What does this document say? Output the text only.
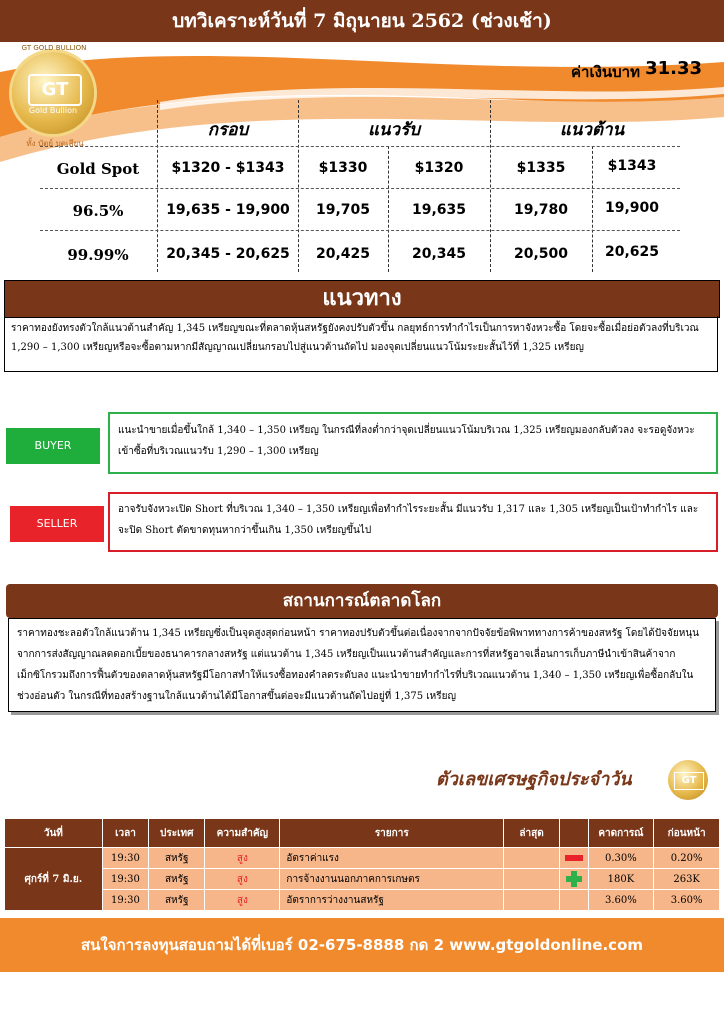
บทวิเคราะห์วันที่ 7 มิถุนายน 2562 (ช่วงเช้า)
GT GOLD BULLION
GT
Gold Bullion
ทั้ง บัตย์ บุตเสียน
ค่าเงินบาท 31.33
กรอบ	แนวรับ	แนวต้าน
Gold Spot	$1320 - $1343	$1330	$1320	$1335	$1343
96.5%	19,635 - 19,900	19,705	19,635	19,780	19,900
99.99%	20,345 - 20,625	20,425	20,345	20,500	20,625
แนวทาง
ราคาทองยังทรงตัวใกล้แนวต้านสำคัญ 1,345 เหรียญขณะที่ตลาดหุ้นสหรัฐยังคงปรับตัวขึ้น กลยุทธ์การทำกำไรเป็นการหาจังหวะซื้อ โดยจะซื้อเมื่อย่อตัวลงที่บริเวณ 1,290 – 1,300 เหรียญหรือจะซื้อตามหากมีสัญญาณเปลี่ยนกรอบไปสู่แนวต้านถัดไป มองจุดเปลี่ยนแนวโน้มระยะสั้นไว้ที่ 1,325 เหรียญ
BUYER
แนะนำขายเมื่อขึ้นใกล้ 1,340 – 1,350 เหรียญ ในกรณีที่ลงต่ำกว่าจุดเปลี่ยนแนวโน้มบริเวณ 1,325 เหรียญมองกลับตัวลง จะรอดูจังหวะเข้าซื้อที่บริเวณแนวรับ 1,290 – 1,300 เหรียญ
SELLER
อาจรับจังหวะเปิด Short ที่บริเวณ 1,340 – 1,350 เหรียญเพื่อทำกำไรระยะสั้น มีแนวรับ 1,317 และ 1,305 เหรียญเป็นเป้าทำกำไร และจะปิด Short ตัดขาดทุนหากว่าขึ้นเกิน 1,350 เหรียญขึ้นไป
สถานการณ์ตลาดโลก
ราคาทองชะลอตัวใกล้แนวต้าน 1,345 เหรียญซึ่งเป็นจุดสูงสุดก่อนหน้า ราคาทองปรับตัวขึ้นต่อเนื่องจากจากปัจจัยข้อพิพาททางการค้าของสหรัฐ โดยได้ปัจจัยหนุนจากการส่งสัญญาณลดดอกเบี้ยของธนาคารกลางสหรัฐ แต่แนวต้าน 1,345 เหรียญเป็นแนวต้านสำคัญและการที่สหรัฐอาจเลื่อนการเก็บภาษีนำเข้าสินค้าจากเม็กซิโกรวมถึงการฟื้นตัวของตลาดหุ้นสหรัฐมีโอกาสทำให้แรงซื้อทองคำลดระดับลง แนะนำขายทำกำไรที่บริเวณแนวต้าน 1,340 – 1,350 เหรียญเพื่อซื้อกลับในช่วงอ่อนตัว ในกรณีที่ทองสร้างฐานใกล้แนวต้านได้มีโอกาสขึ้นต่อจะมีแนวต้านถัดไปอยู่ที่ 1,375 เหรียญ
ตัวเลขเศรษฐกิจประจำวัน	GT
วันที่	เวลา	ประเทศ	ความสำคัญ	รายการ	ล่าสุด		คาดการณ์	ก่อนหน้า
ศุกร์ที่ 7 มิ.ย.	19:30	สหรัฐ	สูง	อัตราค่าแรง			0.30%	0.20%
	19:30	สหรัฐ	สูง	การจ้างงานนอกภาคการเกษตร			180K	263K
	19:30	สหรัฐ	สูง	อัตราการว่างงานสหรัฐ			3.60%	3.60%
สนใจการลงทุนสอบถามได้ที่เบอร์ 02-675-8888 กด 2 www.gtgoldonline.com
